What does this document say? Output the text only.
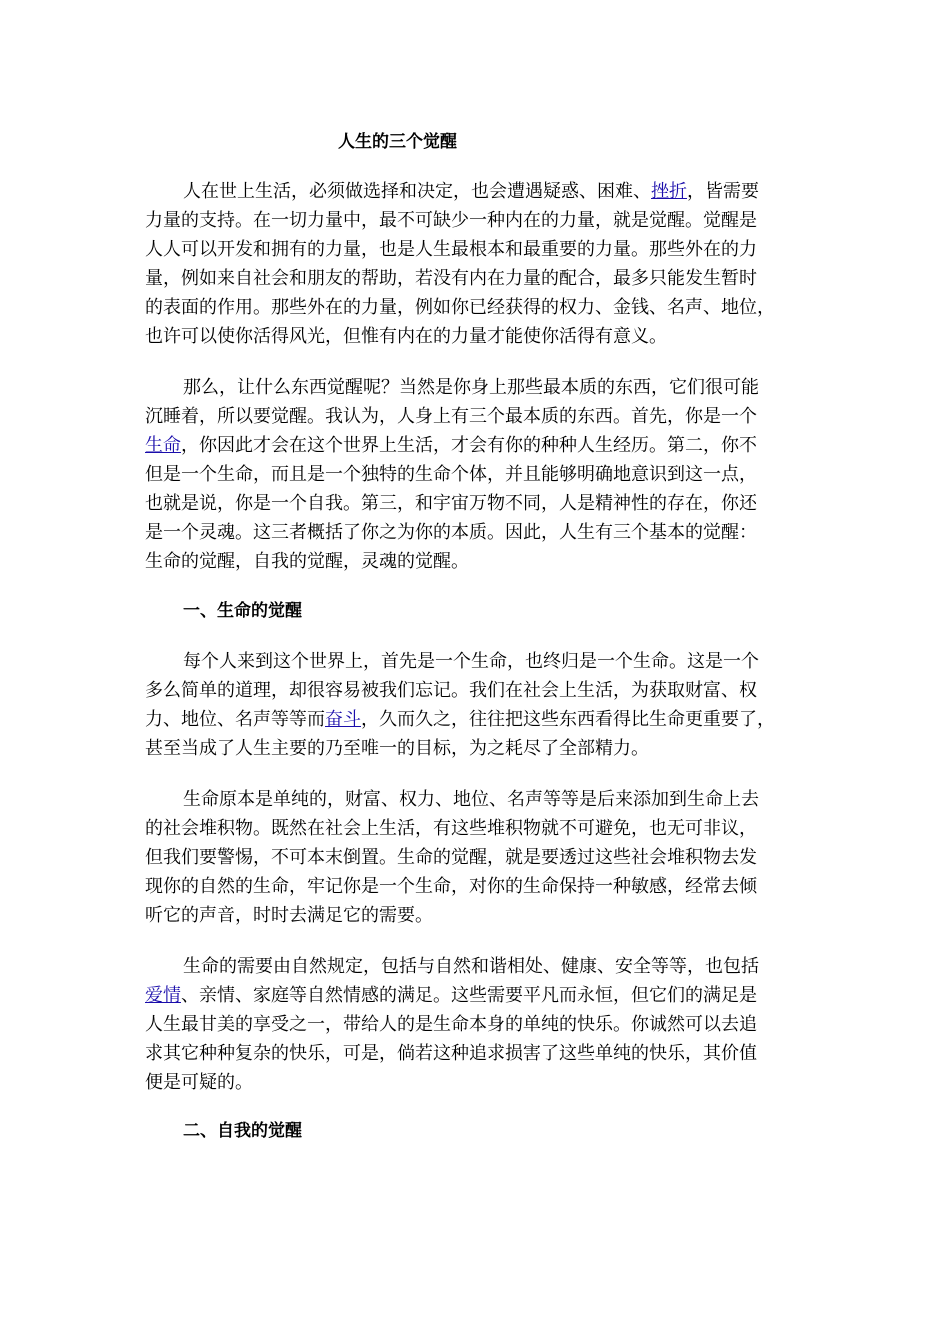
人生的三个觉醒
人在世上生活，必须做选择和决定，也会遭遇疑惑、困难、挫折，皆需要
力量的支持。在一切力量中，最不可缺少一种内在的力量，就是觉醒。觉醒是
人人可以开发和拥有的力量，也是人生最根本和最重要的力量。那些外在的力
量，例如来自社会和朋友的帮助，若没有内在力量的配合，最多只能发生暂时
的表面的作用。那些外在的力量，例如你已经获得的权力、金钱、名声、地位，
也许可以使你活得风光，但惟有内在的力量才能使你活得有意义。
那么，让什么东西觉醒呢？当然是你身上那些最本质的东西，它们很可能
沉睡着，所以要觉醒。我认为，人身上有三个最本质的东西。首先，你是一个
生命，你因此才会在这个世界上生活，才会有你的种种人生经历。第二，你不
但是一个生命，而且是一个独特的生命个体，并且能够明确地意识到这一点，
也就是说，你是一个自我。第三，和宇宙万物不同，人是精神性的存在，你还
是一个灵魂。这三者概括了你之为你的本质。因此，人生有三个基本的觉醒：
生命的觉醒，自我的觉醒，灵魂的觉醒。
一、生命的觉醒
每个人来到这个世界上，首先是一个生命，也终归是一个生命。这是一个
多么简单的道理，却很容易被我们忘记。我们在社会上生活，为获取财富、权
力、地位、名声等等而奋斗，久而久之，往往把这些东西看得比生命更重要了，
甚至当成了人生主要的乃至唯一的目标，为之耗尽了全部精力。
生命原本是单纯的，财富、权力、地位、名声等等是后来添加到生命上去
的社会堆积物。既然在社会上生活，有这些堆积物就不可避免，也无可非议，
但我们要警惕，不可本末倒置。生命的觉醒，就是要透过这些社会堆积物去发
现你的自然的生命，牢记你是一个生命，对你的生命保持一种敏感，经常去倾
听它的声音，时时去满足它的需要。
生命的需要由自然规定，包括与自然和谐相处、健康、安全等等，也包括
爱情、亲情、家庭等自然情感的满足。这些需要平凡而永恒，但它们的满足是
人生最甘美的享受之一，带给人的是生命本身的单纯的快乐。你诚然可以去追
求其它种种复杂的快乐，可是，倘若这种追求损害了这些单纯的快乐，其价值
便是可疑的。
二、自我的觉醒
